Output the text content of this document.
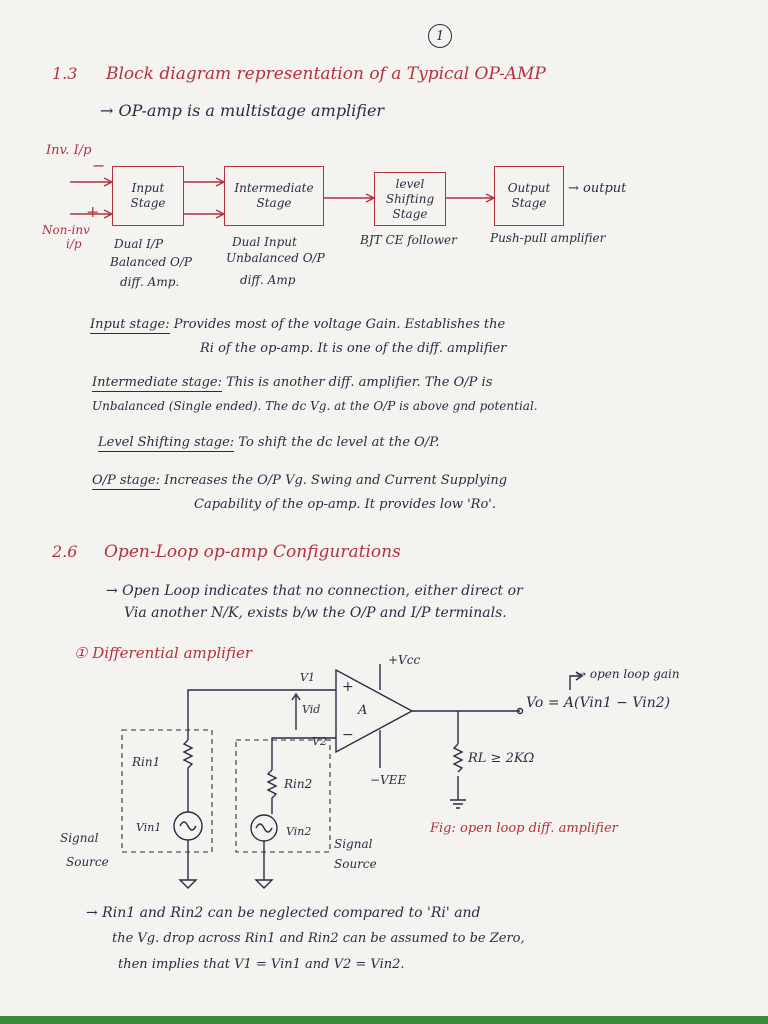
1
1.3 Block diagram representation of a Typical OP-AMP
→ OP-amp is a multistage amplifier
Inv. I/p
−
+
Non-inv
i/p
Input Stage
Intermediate Stage
level Shifting Stage
Output Stage
→ output
Dual I/P
Balanced O/P
diff. Amp.
Dual Input
Unbalanced O/P
diff. Amp
BJT CE follower	Push-pull amplifier
Input stage: Provides most of the voltage Gain. Establishes the
Ri of the op-amp. It is one of the diff. amplifier
Intermediate stage: This is another diff. amplifier. The O/P is
Unbalanced (Single ended). The dc Vg. at the O/P is above gnd potential.
Level Shifting stage: To shift the dc level at the O/P.
O/P stage: Increases the O/P Vg. Swing and Current Supplying
Capability of the op-amp. It provides low 'Ro'.
2.6 Open-Loop op-amp Configurations
→ Open Loop indicates that no connection, either direct or
Via another N/K, exists b/w the O/P and I/P terminals.
① Differential amplifier
V1
V2
Vid
+
−
A
+Vcc
−VEE
Rin1
Rin2
Vin1	Vin2
RL ≥ 2KΩ
→ open loop gain
Vo = A(Vin1 − Vin2)
Signal
Source
Signal
Source
Fig: open loop diff. amplifier
→ Rin1 and Rin2 can be neglected compared to 'Ri' and
the Vg. drop across Rin1 and Rin2 can be assumed to be Zero,
then implies that V1 = Vin1 and V2 = Vin2.
